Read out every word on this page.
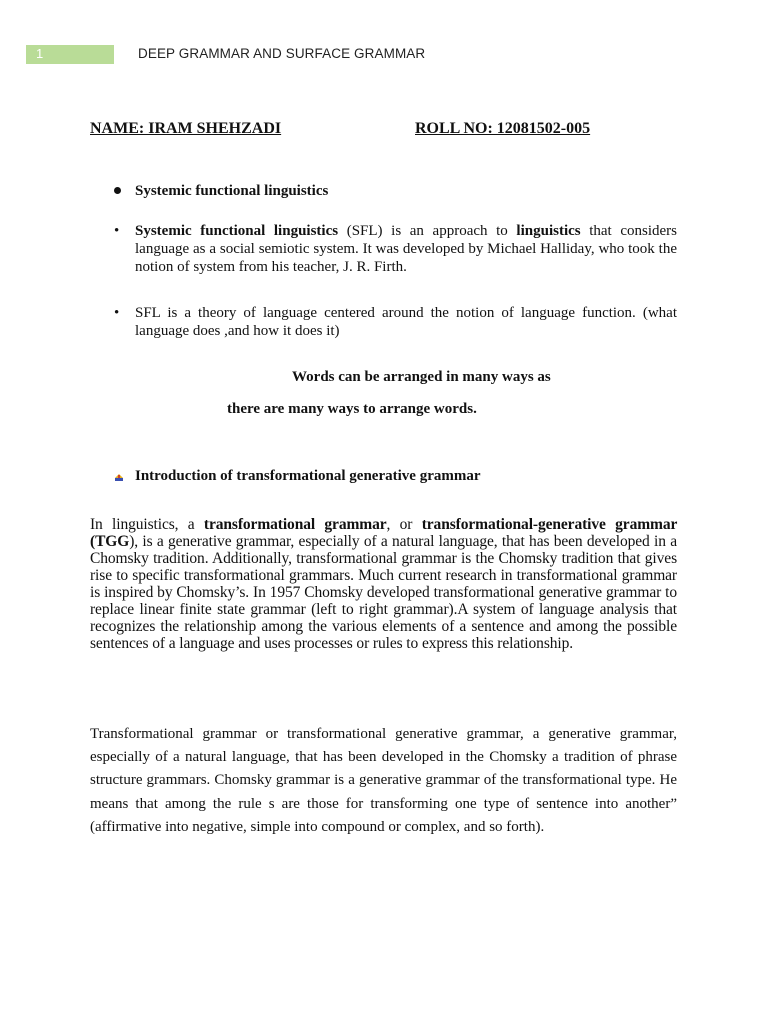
DEEP GRAMMAR AND SURFACE GRAMMAR
1
NAME: IRAM SHEHZADI	ROLL NO: 12081502-005
Systemic functional linguistics
• Systemic functional linguistics (SFL) is an approach to linguistics that considers language as a social semiotic system. It was developed by Michael Halliday, who took the notion of system from his teacher, J. R. Firth.
• SFL is a theory of language centered around the notion of language function. (what language does ,and how it does it)
Words can be arranged in many ways as
there are many ways to arrange words.
Introduction of transformational generative grammar
In linguistics, a transformational grammar, or transformational-generative grammar (TGG), is a generative grammar, especially of a natural language, that has been developed in a Chomsky tradition. Additionally, transformational grammar is the Chomsky tradition that gives rise to specific transformational grammars. Much current research in transformational grammar is inspired by Chomsky’s. In 1957 Chomsky developed transformational generative grammar to replace linear finite state grammar (left to right grammar).A system of language analysis that recognizes the relationship among the various elements of a sentence and among the possible sentences of a language and uses processes or rules to express this relationship.
Transformational grammar or transformational generative grammar, a generative grammar, especially of a natural language, that has been developed in the Chomsky a tradition of phrase structure grammars. Chomsky grammar is a generative grammar of the transformational type. He means that among the rule s are those for transforming one type of sentence into another” (affirmative into negative, simple into compound or complex, and so forth).
